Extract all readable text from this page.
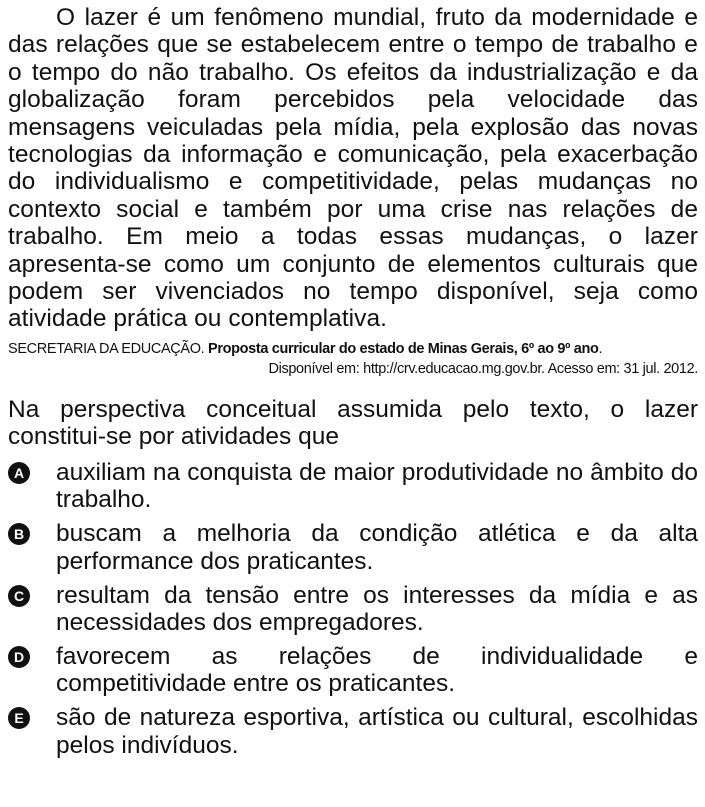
O lazer é um fenômeno mundial, fruto da modernidade e das relações que se estabelecem entre o tempo de trabalho e o tempo do não trabalho. Os efeitos da industrialização e da globalização foram percebidos pela velocidade das mensagens veiculadas pela mídia, pela explosão das novas tecnologias da informação e comunicação, pela exacerbação do individualismo e competitividade, pelas mudanças no contexto social e também por uma crise nas relações de trabalho. Em meio a todas essas mudanças, o lazer apresenta-se como um conjunto de elementos culturais que podem ser vivenciados no tempo disponível, seja como atividade prática ou contemplativa.

SECRETARIA DA EDUCAÇÃO. Proposta curricular do estado de Minas Gerais, 6º ao 9º ano.
Disponível em: http://crv.educacao.mg.gov.br. Acesso em: 31 jul. 2012.

Na perspectiva conceitual assumida pelo texto, o lazer constitui-se por atividades que

A auxiliam na conquista de maior produtividade no âmbito do trabalho.
B buscam a melhoria da condição atlética e da alta performance dos praticantes.
C resultam da tensão entre os interesses da mídia e as necessidades dos empregadores.
D favorecem as relações de individualidade e competitividade entre os praticantes.
E são de natureza esportiva, artística ou cultural, escolhidas pelos indivíduos.
